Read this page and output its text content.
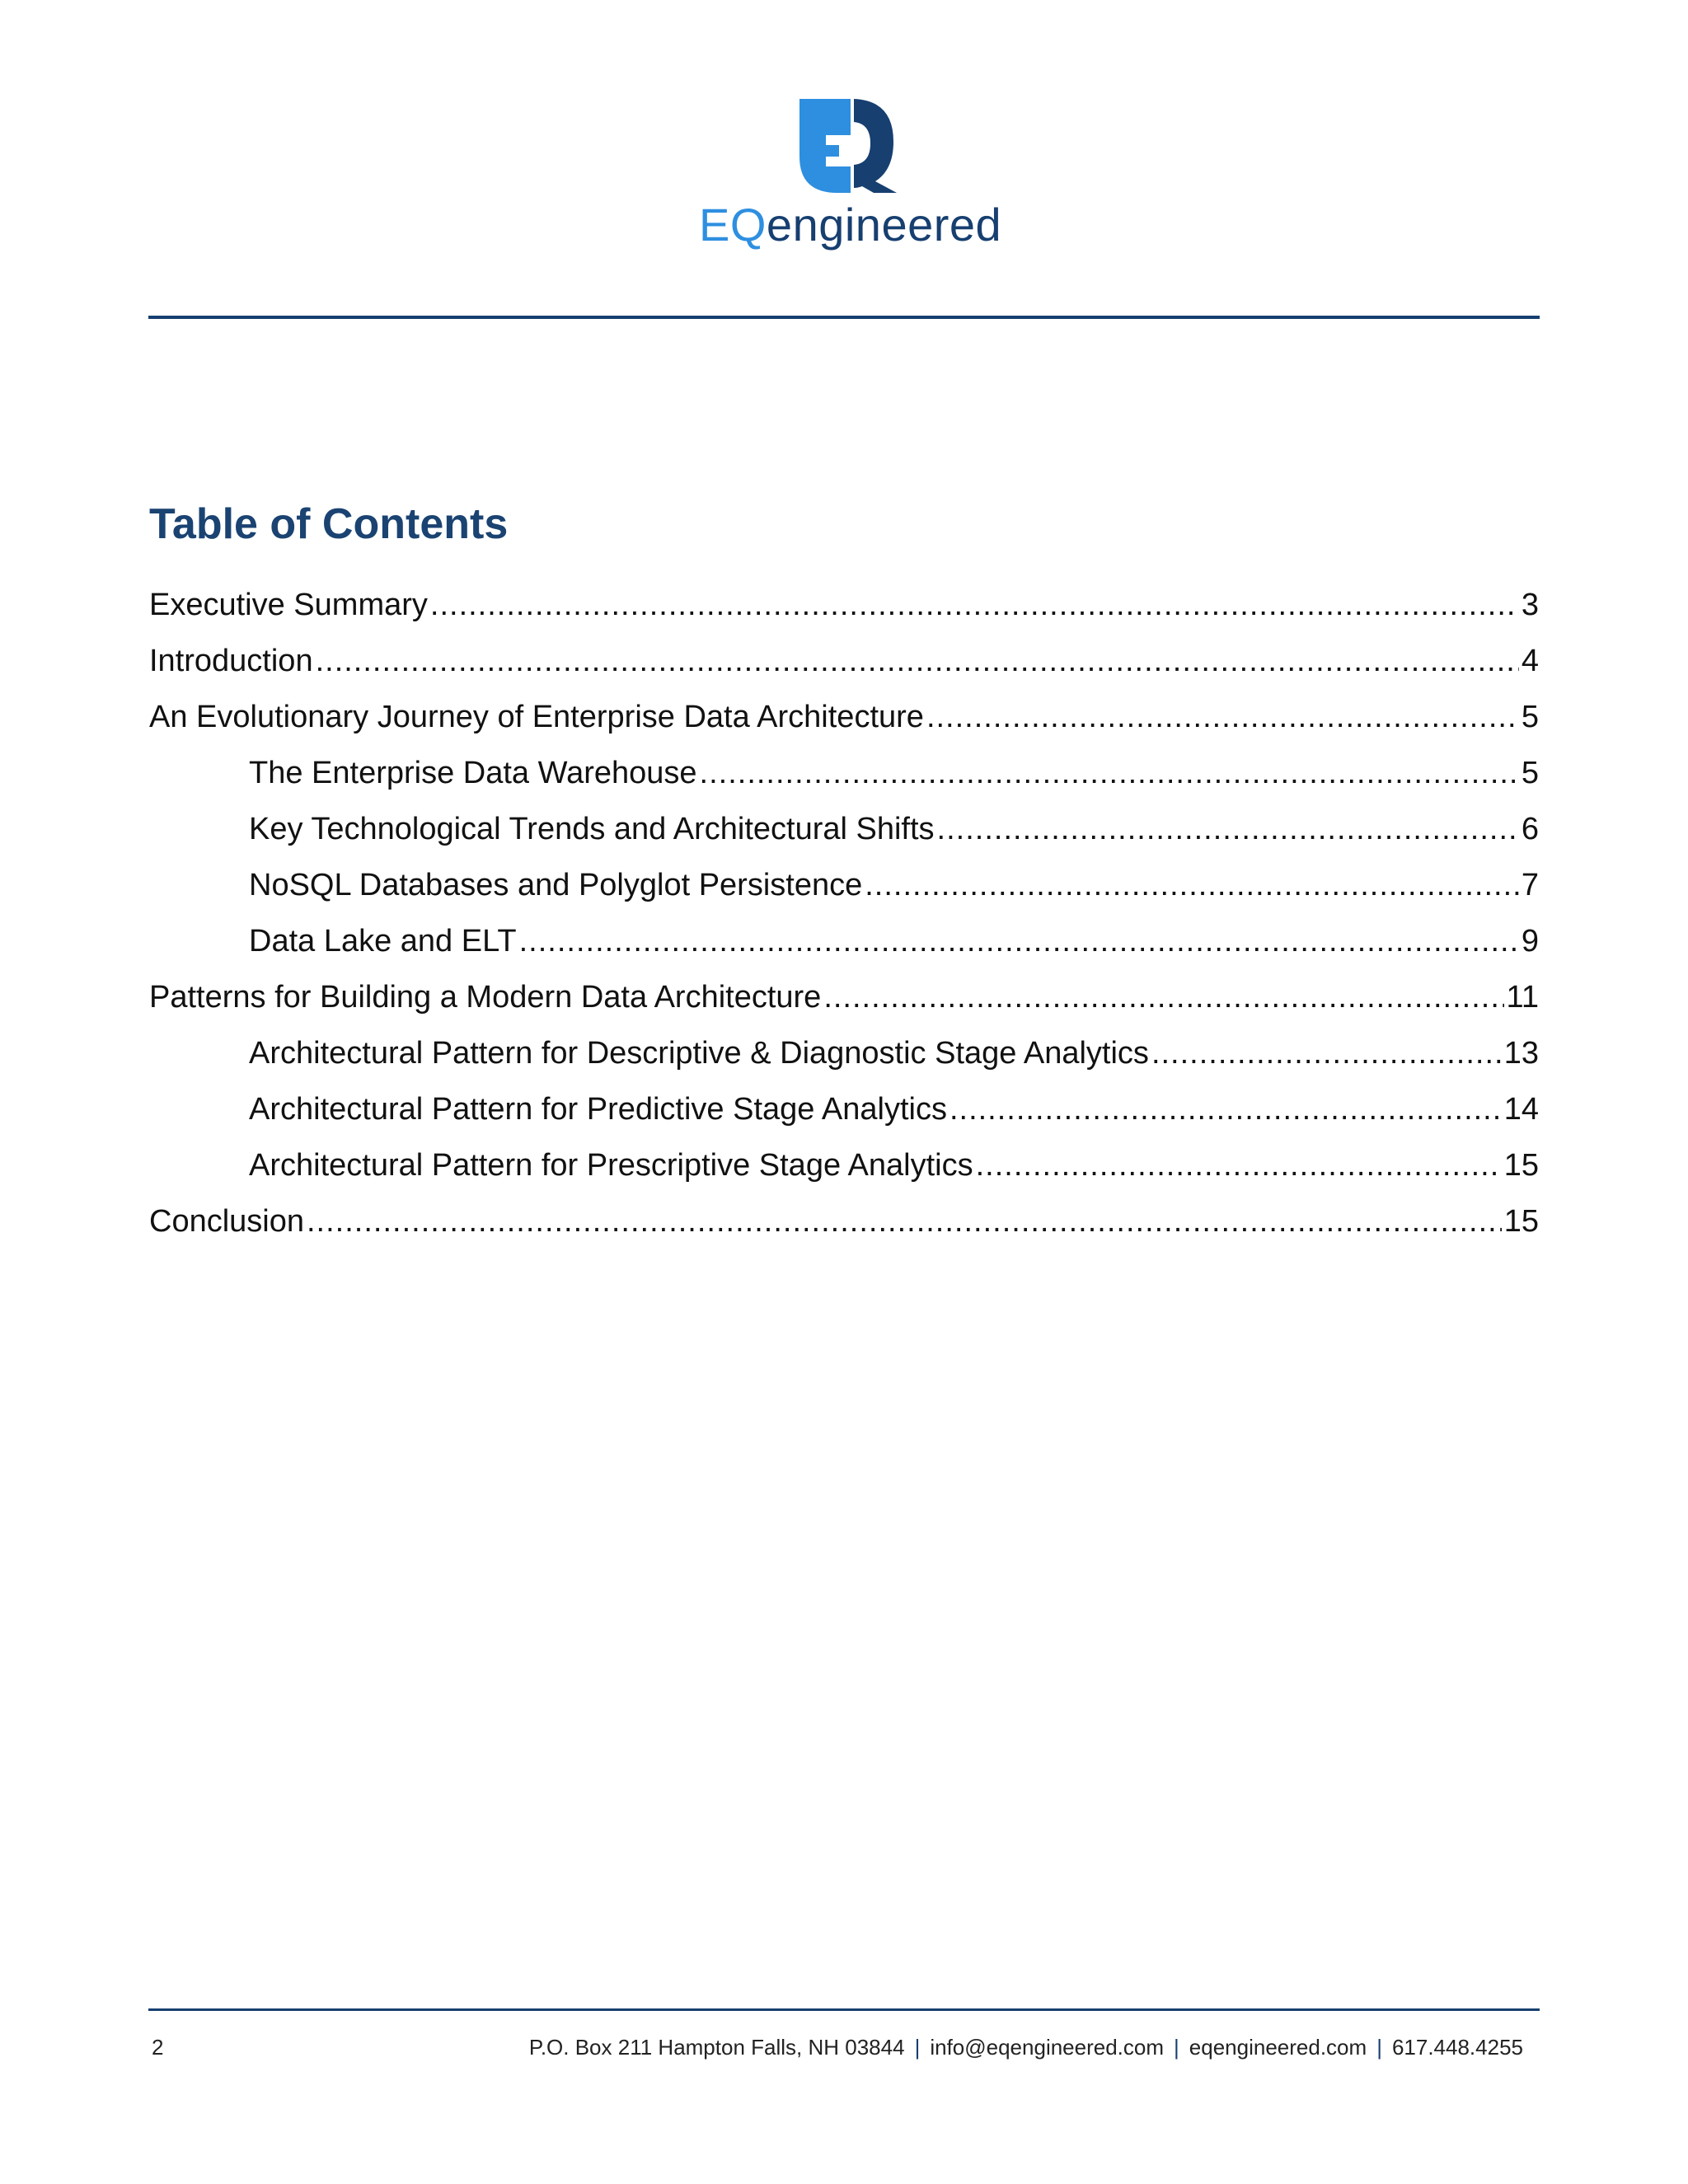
EQengineered
Table of Contents
Executive Summary .....	3
Introduction .....	4
An Evolutionary Journey of Enterprise Data Architecture .....	5
The Enterprise Data Warehouse .....	5
Key Technological Trends and Architectural Shifts .....	6
NoSQL Databases and Polyglot Persistence .....	7
Data Lake and ELT .....	9
Patterns for Building a Modern Data Architecture .....	11
Architectural Pattern for Descriptive & Diagnostic Stage Analytics .....	13
Architectural Pattern for Predictive Stage Analytics .....	14
Architectural Pattern for Prescriptive Stage Analytics .....	15
Conclusion .....	15
2	P.O. Box 211 Hampton Falls, NH 03844 | info@eqengineered.com | eqengineered.com | 617.448.4255
